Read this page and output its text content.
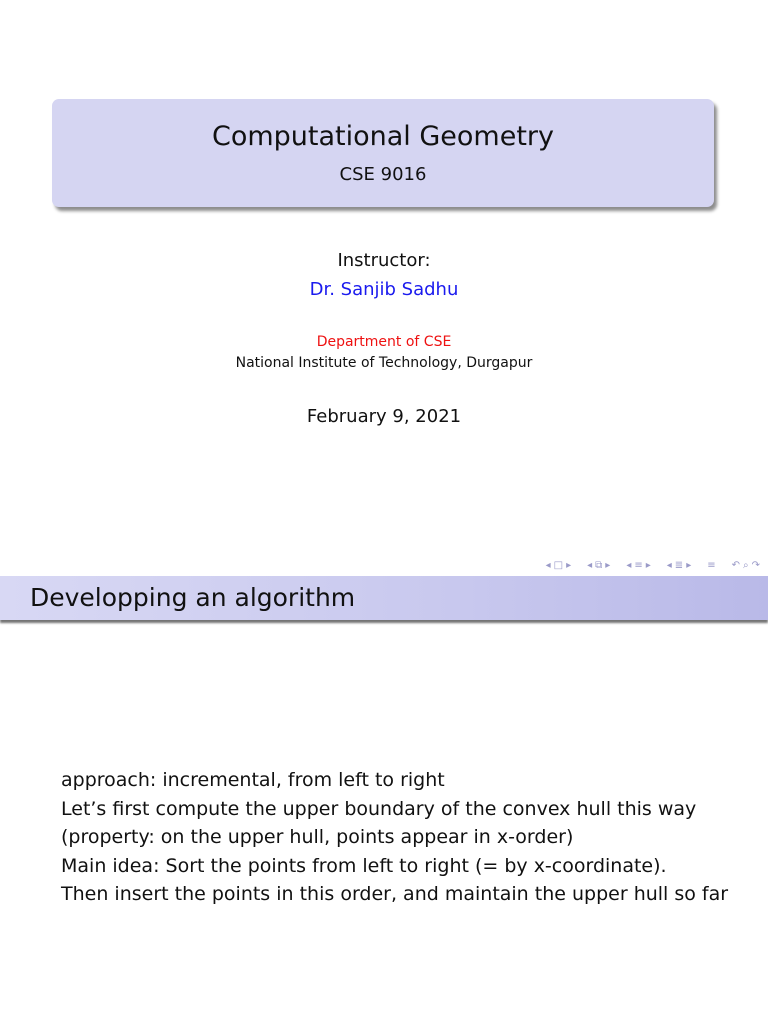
Computational Geometry
CSE 9016
Instructor:
Dr. Sanjib Sadhu
Department of CSE
National Institute of Technology, Durgapur
February 9, 2021
◂ □ ▸ ◂ ⧉ ▸ ◂ ≡ ▸ ◂ ≣ ▸ ≡ ↶ ⌕ ↷
Developping an algorithm

approach: incremental, from left to right

Let’s first compute the upper boundary of the convex hull this way

(property: on the upper hull, points appear in x-order)

Main idea: Sort the points from left to right (= by x-coordinate).

Then insert the points in this order, and maintain the upper hull so far
